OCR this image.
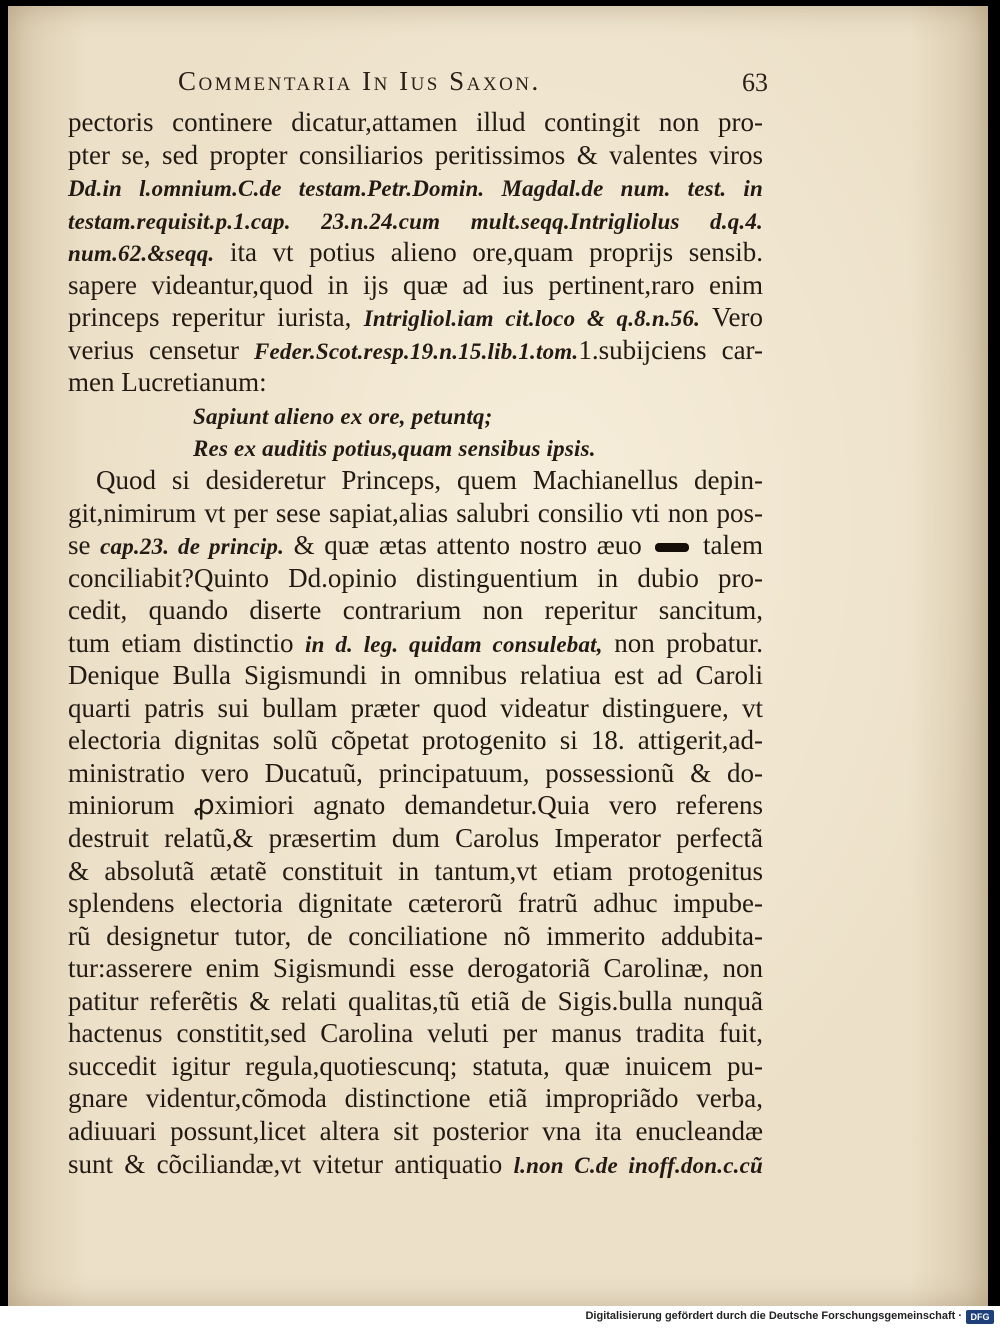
Commentaria In Ius Saxon.	63
pectoris continere dicatur,attamen illud contingit non pro-
pter se, sed propter consiliarios peritissimos & valentes viros
Dd.in l.omnium.C.de testam.Petr.Domin. Magdal.de num. test. in
testam.requisit.p.1.cap. 23.n.24.cum mult.seqq.Intrigliolus d.q.4.
num.62.&seqq. ita vt potius alieno ore,quam proprijs sensib.
sapere videantur,quod in ijs quæ ad ius pertinent,raro enim
princeps reperitur iurista, Intrigliol.iam cit.loco & q.8.n.56. Vero
verius censetur Feder.Scot.resp.19.n.15.lib.1.tom.1.subijciens car-
men Lucretianum:
Sapiunt alieno ex ore, petuntq;
Res ex auditis potius,quam sensibus ipsis.
Quod si desideretur Princeps, quem Machianellus depin-
git,nimirum vt per sese sapiat,alias salubri consilio vti non pos-
se cap.23. de princip. & quæ ætas attento nostro æuo  talem
conciliabit?Quinto Dd.opinio distinguentium in dubio pro-
cedit, quando diserte contrarium non reperitur sancitum,
tum etiam distinctio in d. leg. quidam consulebat, non probatur.
Denique Bulla Sigismundi in omnibus relatiua est ad Caroli
quarti patris sui bullam præter quod videatur distinguere, vt
electoria dignitas solũ cõpetat protogenito si 18. attigerit,ad-
ministratio vero Ducatuũ, principatuum, possessionũ & do-
miniorum ꝓximiori agnato demandetur.Quia vero referens
destruit relatũ,& præsertim dum Carolus Imperator perfectã
& absolutã ætatẽ constituit in tantum,vt etiam protogenitus
splendens electoria dignitate cæterorũ fratrũ adhuc impube-
rũ designetur tutor, de conciliatione nõ immerito addubita-
tur:asserere enim Sigismundi esse derogatoriã Carolinæ, non
patitur referẽtis & relati qualitas,tũ etiã de Sigis.bulla nunquã
hactenus constitit,sed Carolina veluti per manus tradita fuit,
succedit igitur regula,quotiescunq; statuta, quæ inuicem pu-
gnare videntur,cõmoda distinctione etiã impropriãdo verba,
adiuuari possunt,licet altera sit posterior vna ita enucleandæ
sunt & cõciliandæ,vt vitetur antiquatio l.non C.de inoff.don.c.cũ
Digitalisierung gefördert durch die Deutsche Forschungsgemeinschaft · DFG
